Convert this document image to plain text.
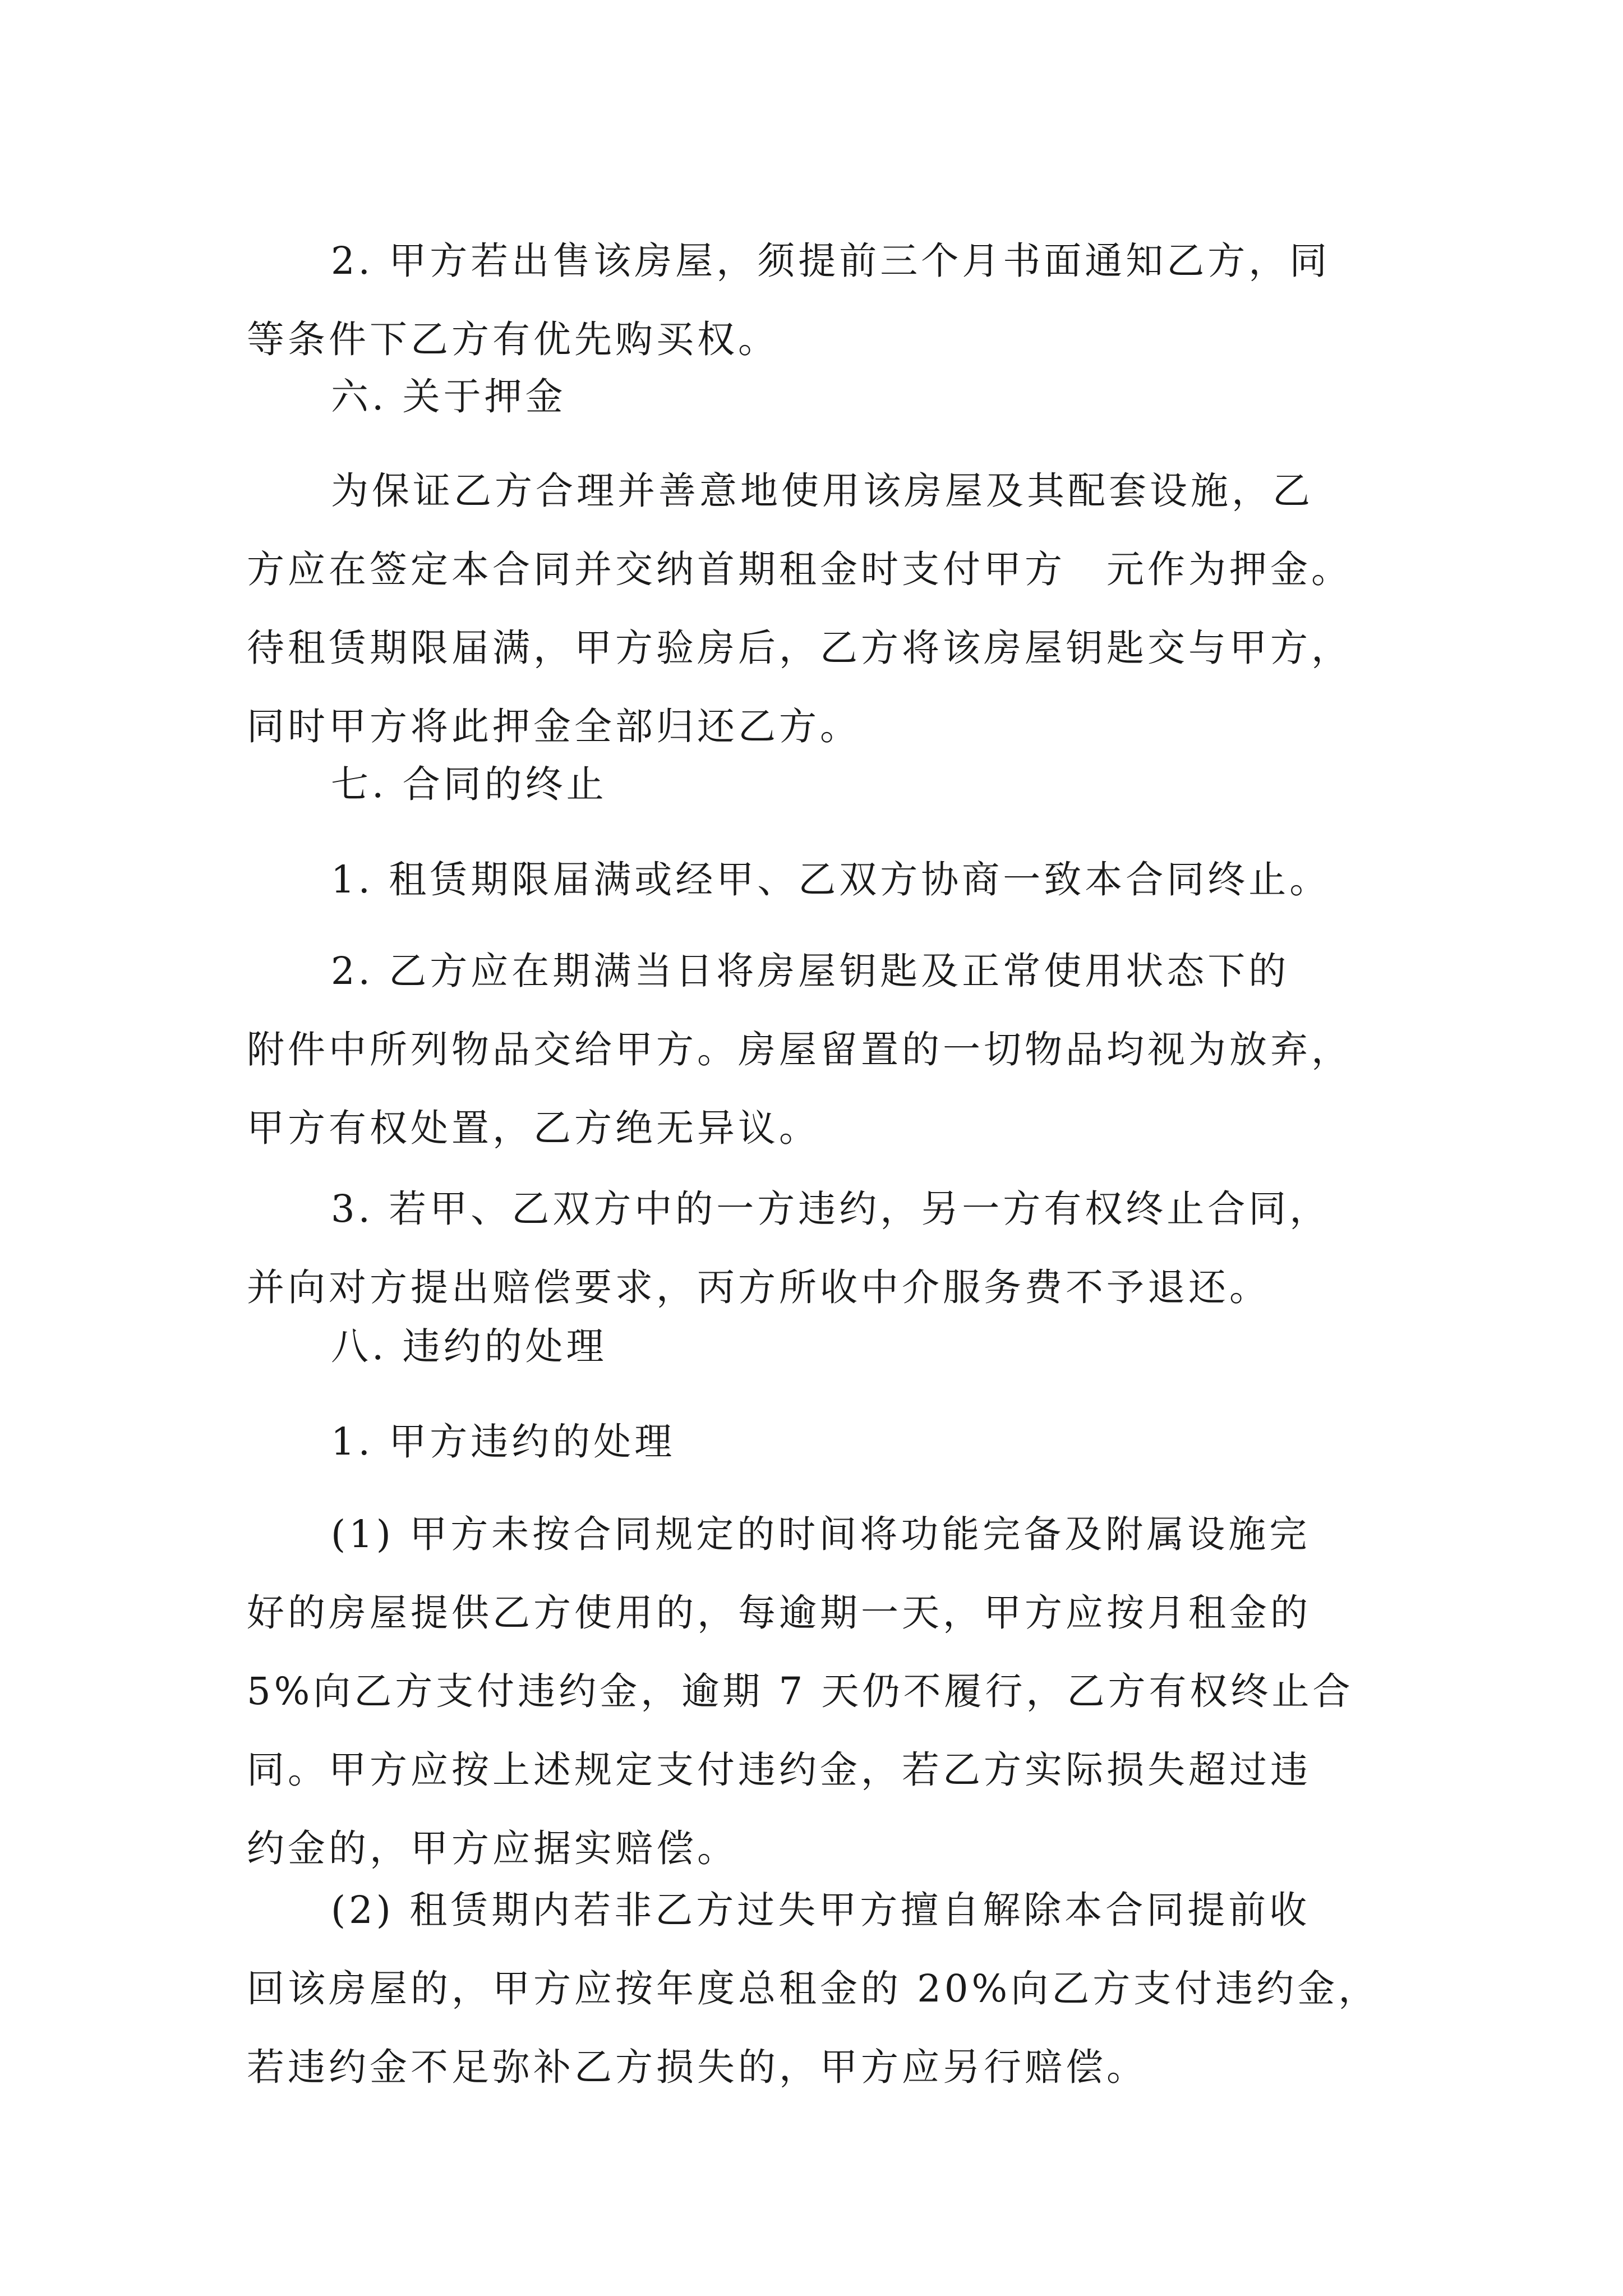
2. 甲方若出售该房屋，须提前三个月书面通知乙方，同
等条件下乙方有优先购买权。

六. 关于押金

为保证乙方合理并善意地使用该房屋及其配套设施，乙
方应在签定本合同并交纳首期租金时支付甲方　元作为押金。
待租赁期限届满，甲方验房后，乙方将该房屋钥匙交与甲方，
同时甲方将此押金全部归还乙方。

七. 合同的终止

1. 租赁期限届满或经甲、乙双方协商一致本合同终止。

2. 乙方应在期满当日将房屋钥匙及正常使用状态下的
附件中所列物品交给甲方。房屋留置的一切物品均视为放弃，
甲方有权处置，乙方绝无异议。

3. 若甲、乙双方中的一方违约，另一方有权终止合同，
并向对方提出赔偿要求，丙方所收中介服务费不予退还。

八. 违约的处理

1. 甲方违约的处理

(1) 甲方未按合同规定的时间将功能完备及附属设施完
好的房屋提供乙方使用的，每逾期一天，甲方应按月租金的
5%向乙方支付违约金，逾期 7 天仍不履行，乙方有权终止合
同。甲方应按上述规定支付违约金，若乙方实际损失超过违
约金的，甲方应据实赔偿。

(2) 租赁期内若非乙方过失甲方擅自解除本合同提前收
回该房屋的，甲方应按年度总租金的 20%向乙方支付违约金，
若违约金不足弥补乙方损失的，甲方应另行赔偿。
